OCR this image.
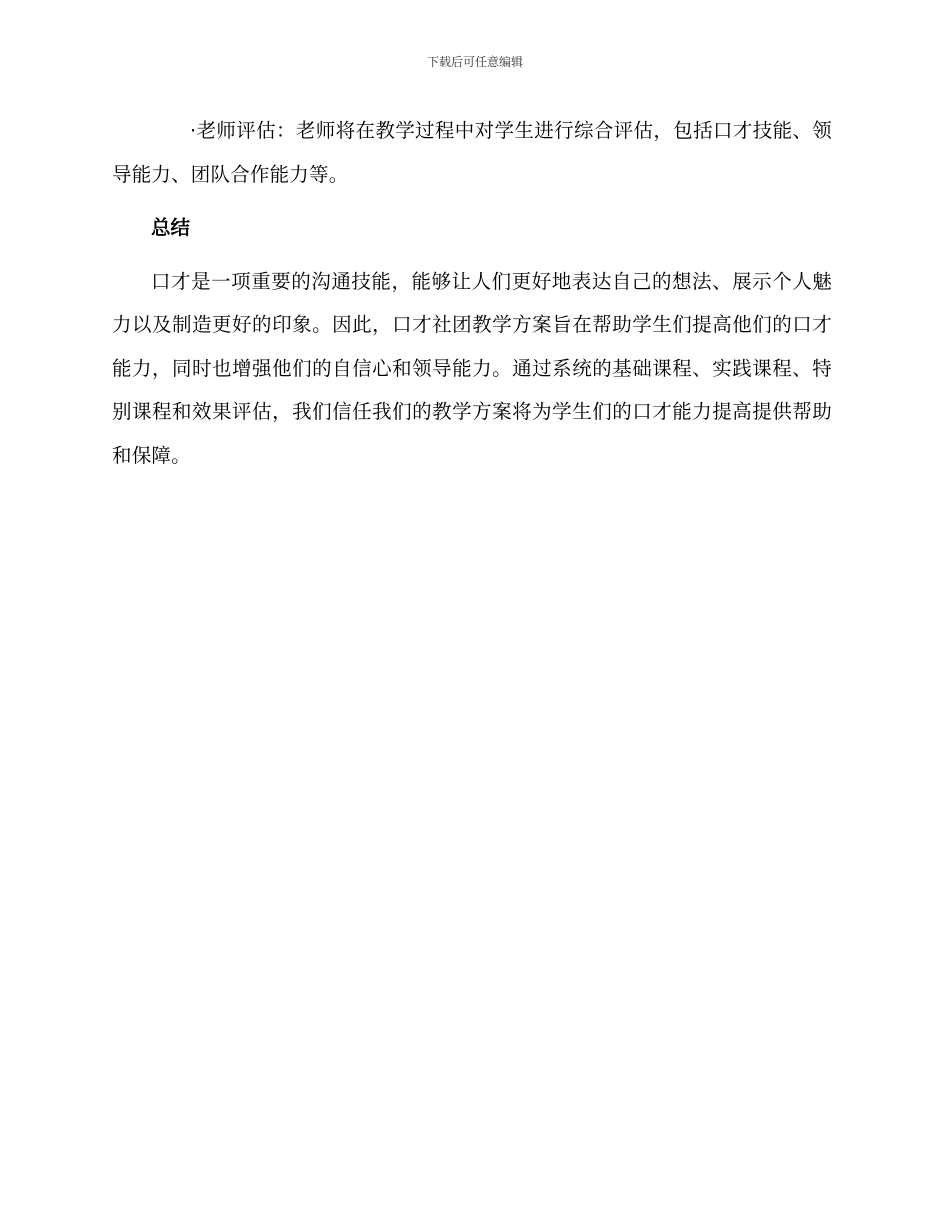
下载后可任意编辑

·老师评估：老师将在教学过程中对学生进行综合评估，包括口才技能、领导能力、团队合作能力等。

总结

口才是一项重要的沟通技能，能够让人们更好地表达自己的想法、展示个人魅力以及制造更好的印象。因此，口才社团教学方案旨在帮助学生们提高他们的口才能力，同时也增强他们的自信心和领导能力。通过系统的基础课程、实践课程、特别课程和效果评估，我们信任我们的教学方案将为学生们的口才能力提高提供帮助和保障。
